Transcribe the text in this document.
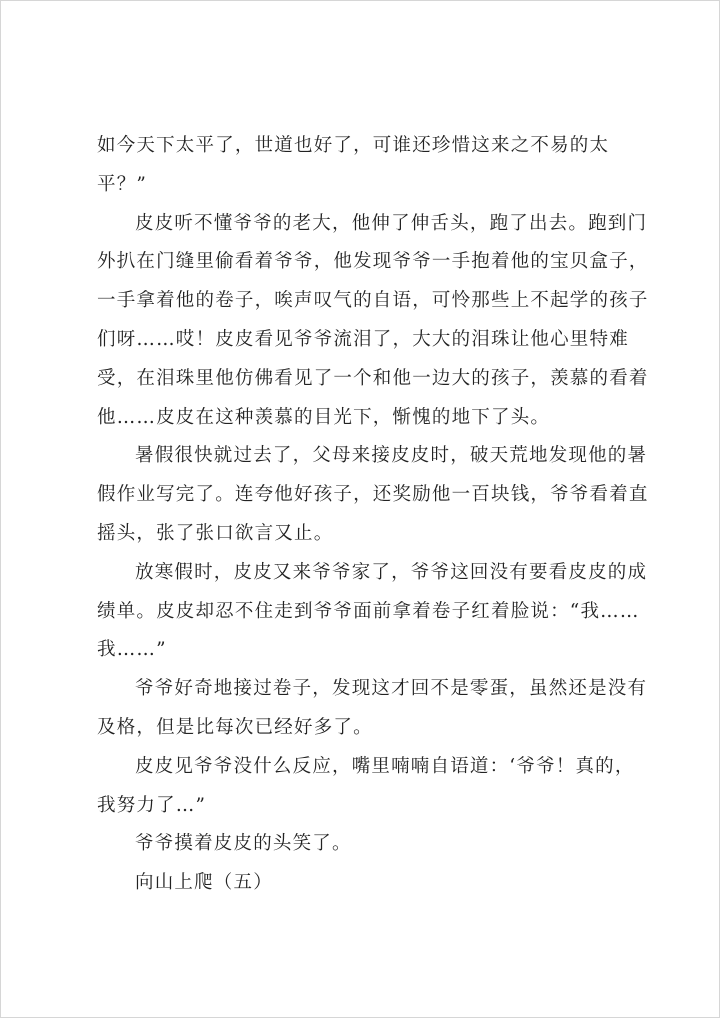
如今天下太平了，世道也好了，可谁还珍惜这来之不易的太
平？”
皮皮听不懂爷爷的老大，他伸了伸舌头，跑了出去。跑到门
外扒在门缝里偷看着爷爷，他发现爷爷一手抱着他的宝贝盒子，
一手拿着他的卷子，唉声叹气的自语，可怜那些上不起学的孩子
们呀……哎！皮皮看见爷爷流泪了，大大的泪珠让他心里特难
受，在泪珠里他仿佛看见了一个和他一边大的孩子，羡慕的看着
他……皮皮在这种羡慕的目光下，惭愧的地下了头。
暑假很快就过去了，父母来接皮皮时，破天荒地发现他的暑
假作业写完了。连夸他好孩子，还奖励他一百块钱，爷爷看着直
摇头，张了张口欲言又止。
放寒假时，皮皮又来爷爷家了，爷爷这回没有要看皮皮的成
绩单。皮皮却忍不住走到爷爷面前拿着卷子红着脸说：“我……
我……”
爷爷好奇地接过卷子，发现这才回不是零蛋，虽然还是没有
及格，但是比每次已经好多了。
皮皮见爷爷没什么反应，嘴里喃喃自语道：‘爷爷！真的，
我努力了…”
爷爷摸着皮皮的头笑了。
向山上爬（五）
